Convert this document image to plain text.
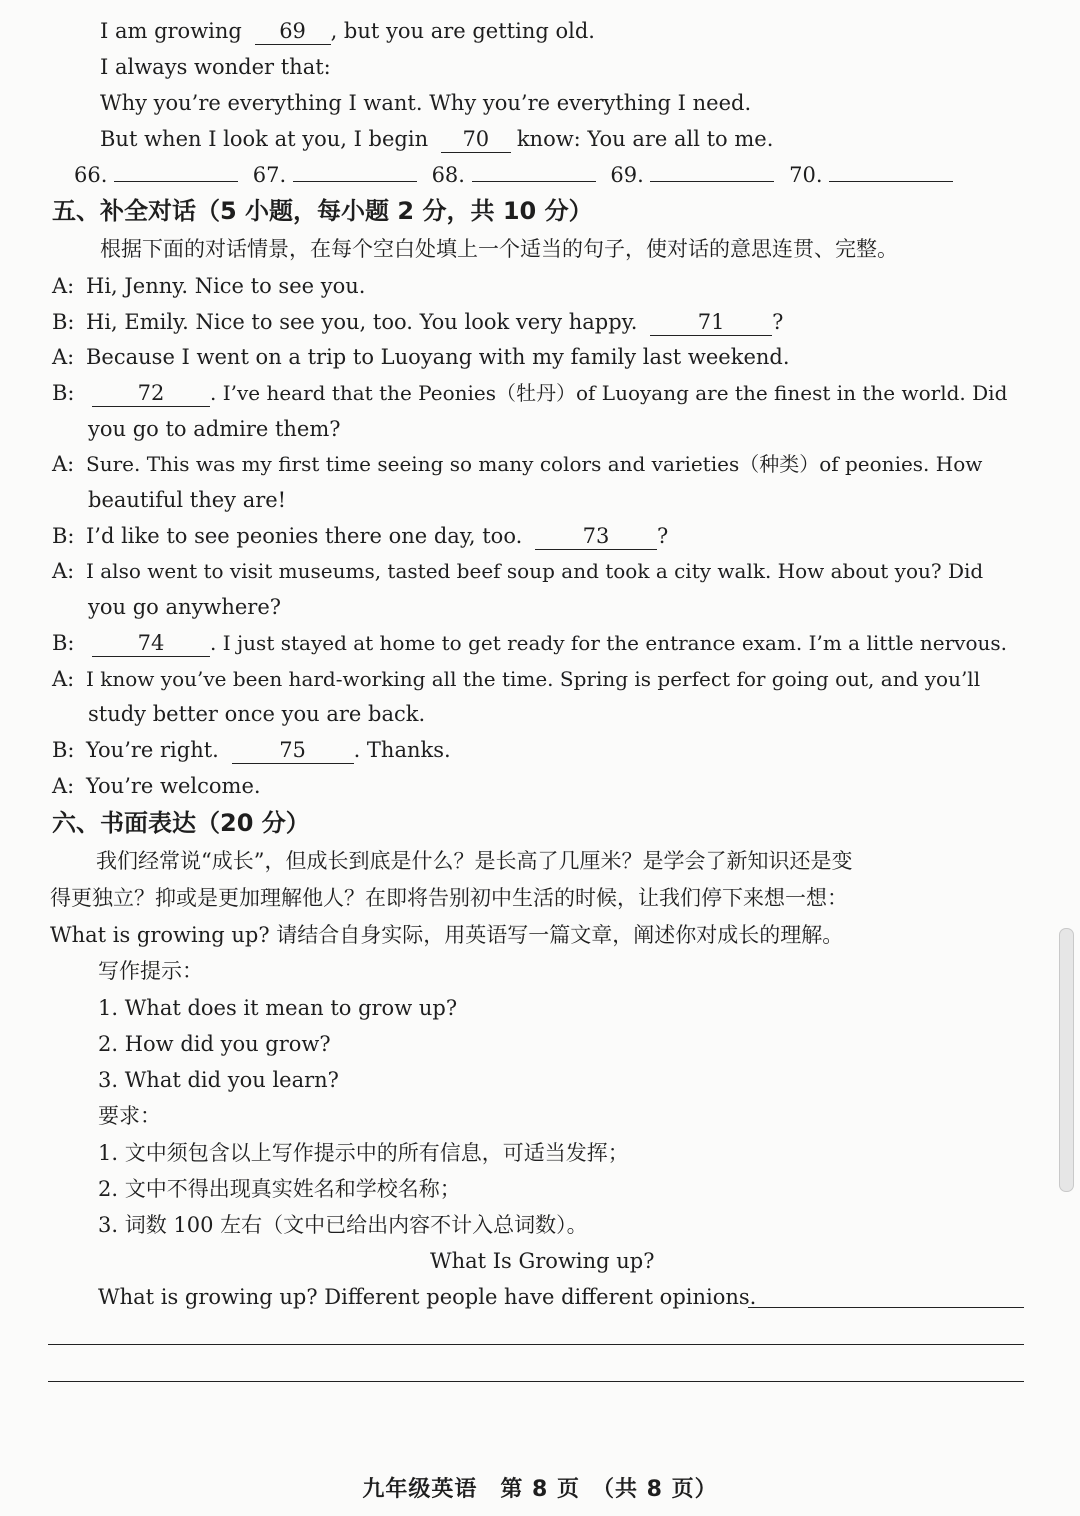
I am growing 69 , but you are getting old.
I always wonder that:
Why you’re everything I want. Why you’re everything I need.
But when I look at you, I begin 70 know: You are all to me.
66.	67.	68.	69.	70.
五、补全对话（5 小题，每小题 2 分，共 10 分）
根据下面的对话情景，在每个空白处填上一个适当的句子，使对话的意思连贯、完整。
A: Hi, Jenny. Nice to see you.
B: Hi, Emily. Nice to see you, too. You look very happy.	71 ?
A: Because I went on a trip to Luoyang with my family last weekend.
B:	72 . I’ve heard that the Peonies（牡丹）of Luoyang are the finest in the world. Did
you go to admire them?
A: Sure. This was my first time seeing so many colors and varieties（种类）of peonies. How
beautiful they are!
B: I’d like to see peonies there one day, too.	73 ?
A: I also went to visit museums, tasted beef soup and took a city walk. How about you? Did
you go anywhere?
B:	74 . I just stayed at home to get ready for the entrance exam. I’m a little nervous.
A: I know you’ve been hard-working all the time. Spring is perfect for going out, and you’ll
study better once you are back.
B: You’re right.	75 . Thanks.
A: You’re welcome.
六、书面表达（20 分）
我们经常说“成长”，但成长到底是什么？是长高了几厘米？是学会了新知识还是变
得更独立？抑或是更加理解他人？在即将告别初中生活的时候，让我们停下来想一想：
What is growing up? 请结合自身实际，用英语写一篇文章，阐述你对成长的理解。
写作提示：
1. What does it mean to grow up?
2. How did you grow?
3. What did you learn?
要求：
1. 文中须包含以上写作提示中的所有信息，可适当发挥；
2. 文中不得出现真实姓名和学校名称；
3. 词数 100 左右（文中已给出内容不计入总词数）。
What Is Growing up?
What is growing up? Different people have different opinions.
九年级英语　第 8 页　（共 8 页）
